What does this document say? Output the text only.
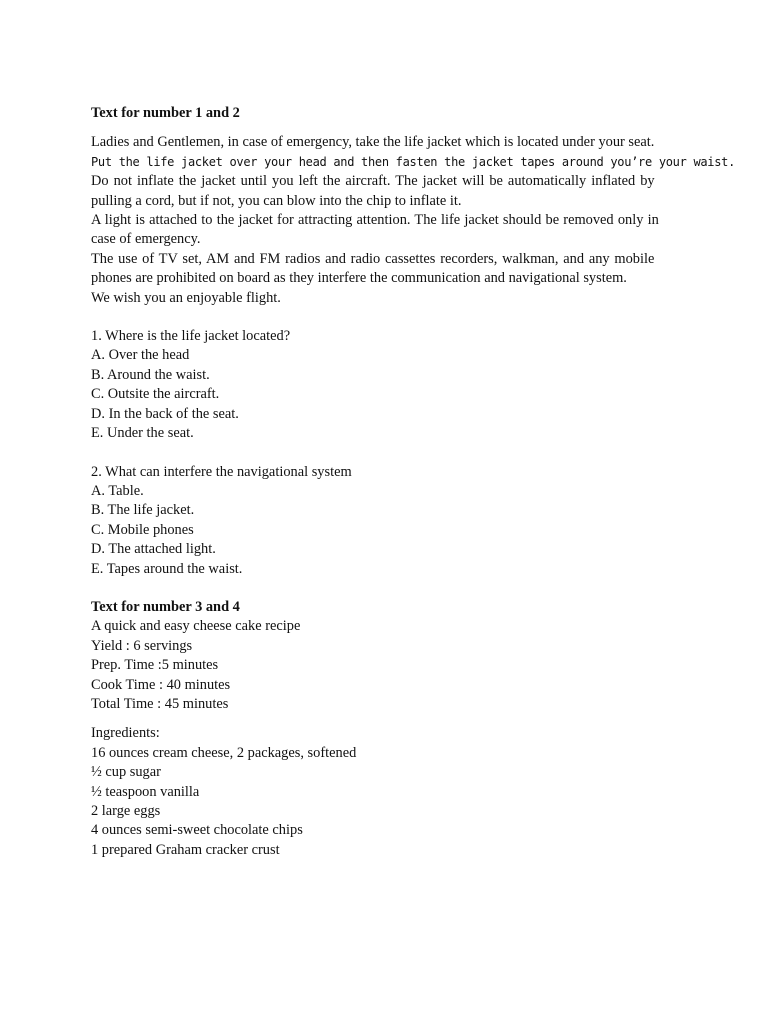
Text for number 1 and 2

Ladies and Gentlemen, in case of emergency, take the life jacket which is located under your seat.
Put the life jacket over your head and then fasten the jacket tapes around you’re your waist.
Do not inflate the jacket until you left the aircraft. The jacket will be automatically inflated by
pulling a cord, but if not, you can blow into the chip to inflate it.
A light is attached to the jacket for attracting attention. The life jacket should be removed only in
case of emergency.
The use of TV set, AM and FM radios and radio cassettes recorders, walkman, and any mobile
phones are prohibited on board as they interfere the communication and navigational system.
We wish you an enjoyable flight.
1. Where is the life jacket located?
A. Over the head
B. Around the waist.
C. Outsite the aircraft.
D. In the back of the seat.
E. Under the seat.
2. What can interfere the navigational system
A. Table.
B. The life jacket.
C. Mobile phones
D. The attached light.
E. Tapes around the waist.

Text for number 3 and 4

A quick and easy cheese cake recipe
Yield : 6 servings
Prep. Time :5 minutes
Cook Time : 40 minutes
Total Time : 45 minutes
Ingredients:
16 ounces cream cheese, 2 packages, softened
½ cup sugar
½ teaspoon vanilla
2 large eggs
4 ounces semi-sweet chocolate chips
1 prepared Graham cracker crust
